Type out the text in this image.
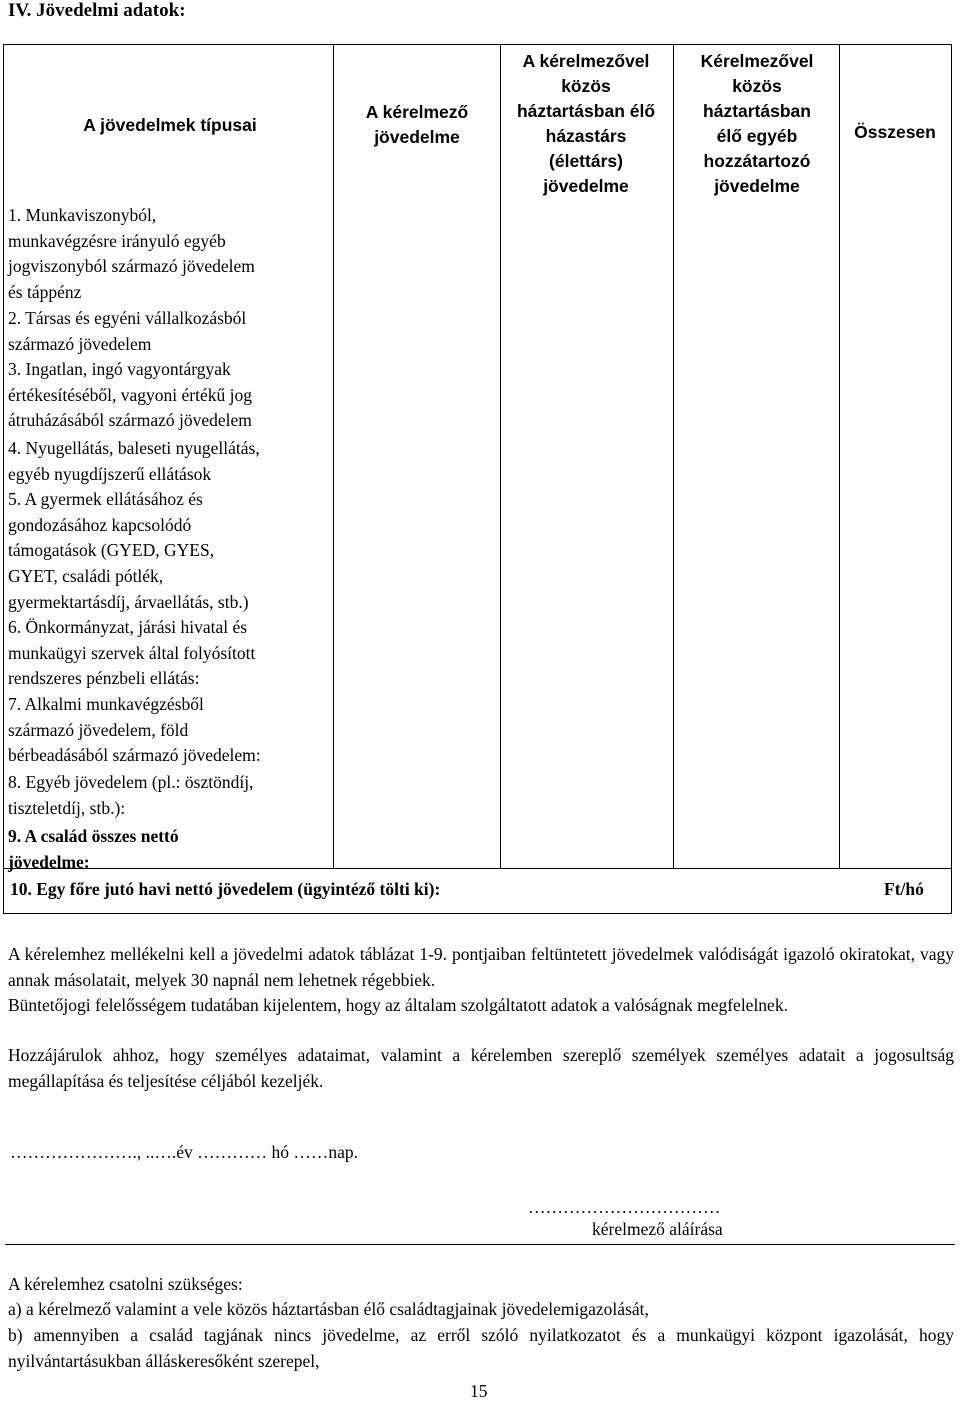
IV. Jövedelmi adatok:
A jövedelmek típusai
A kérelmező
jövedelme
A kérelmezővel
közös
háztartásban élő
házastárs
(élettárs)
jövedelme
Kérelmezővel
közös
háztartásban
élő egyéb
hozzátartozó
jövedelme
Összesen
1. Munkaviszonyból,
munkavégzésre irányuló egyéb
jogviszonyból származó jövedelem
és táppénz
2. Társas és egyéni vállalkozásból
származó jövedelem
3. Ingatlan, ingó vagyontárgyak
értékesítéséből, vagyoni értékű jog
átruházásából származó jövedelem
4. Nyugellátás, baleseti nyugellátás,
egyéb nyugdíjszerű ellátások
5. A gyermek ellátásához és
gondozásához kapcsolódó
támogatások (GYED, GYES,
GYET, családi pótlék,
gyermektartásdíj, árvaellátás, stb.)
6. Önkormányzat, járási hivatal és
munkaügyi szervek által folyósított
rendszeres pénzbeli ellátás:
7. Alkalmi munkavégzésből
származó jövedelem, föld
bérbeadásából származó jövedelem:
8. Egyéb jövedelem (pl.: ösztöndíj,
tiszteletdíj, stb.):
9. A család összes nettó
jövedelme:
10. Egy főre jutó havi nettó jövedelem (ügyintéző tölti ki):	Ft/hó
A kérelemhez mellékelni kell a jövedelmi adatok táblázat 1-9. pontjaiban feltüntetett jövedelmek valódiságát igazoló okiratokat, vagy annak másolatait, melyek 30 napnál nem lehetnek régebbiek.
Büntetőjogi felelősségem tudatában kijelentem, hogy az általam szolgáltatott adatok a valóságnak megfelelnek.
Hozzájárulok ahhoz, hogy személyes adataimat, valamint a kérelemben szereplő személyek személyes adatait a jogosultság megállapítása és teljesítése céljából kezeljék.
…………………., ..….év ………… hó ……nap.
……………………………
kérelmező aláírása
A kérelemhez csatolni szükséges:
a) a kérelmező valamint a vele közös háztartásban élő családtagjainak jövedelemigazolását,
b) amennyiben a család tagjának nincs jövedelme, az erről szóló nyilatkozatot és a munkaügyi központ igazolását, hogy nyilvántartásukban álláskeresőként szerepel,
15
